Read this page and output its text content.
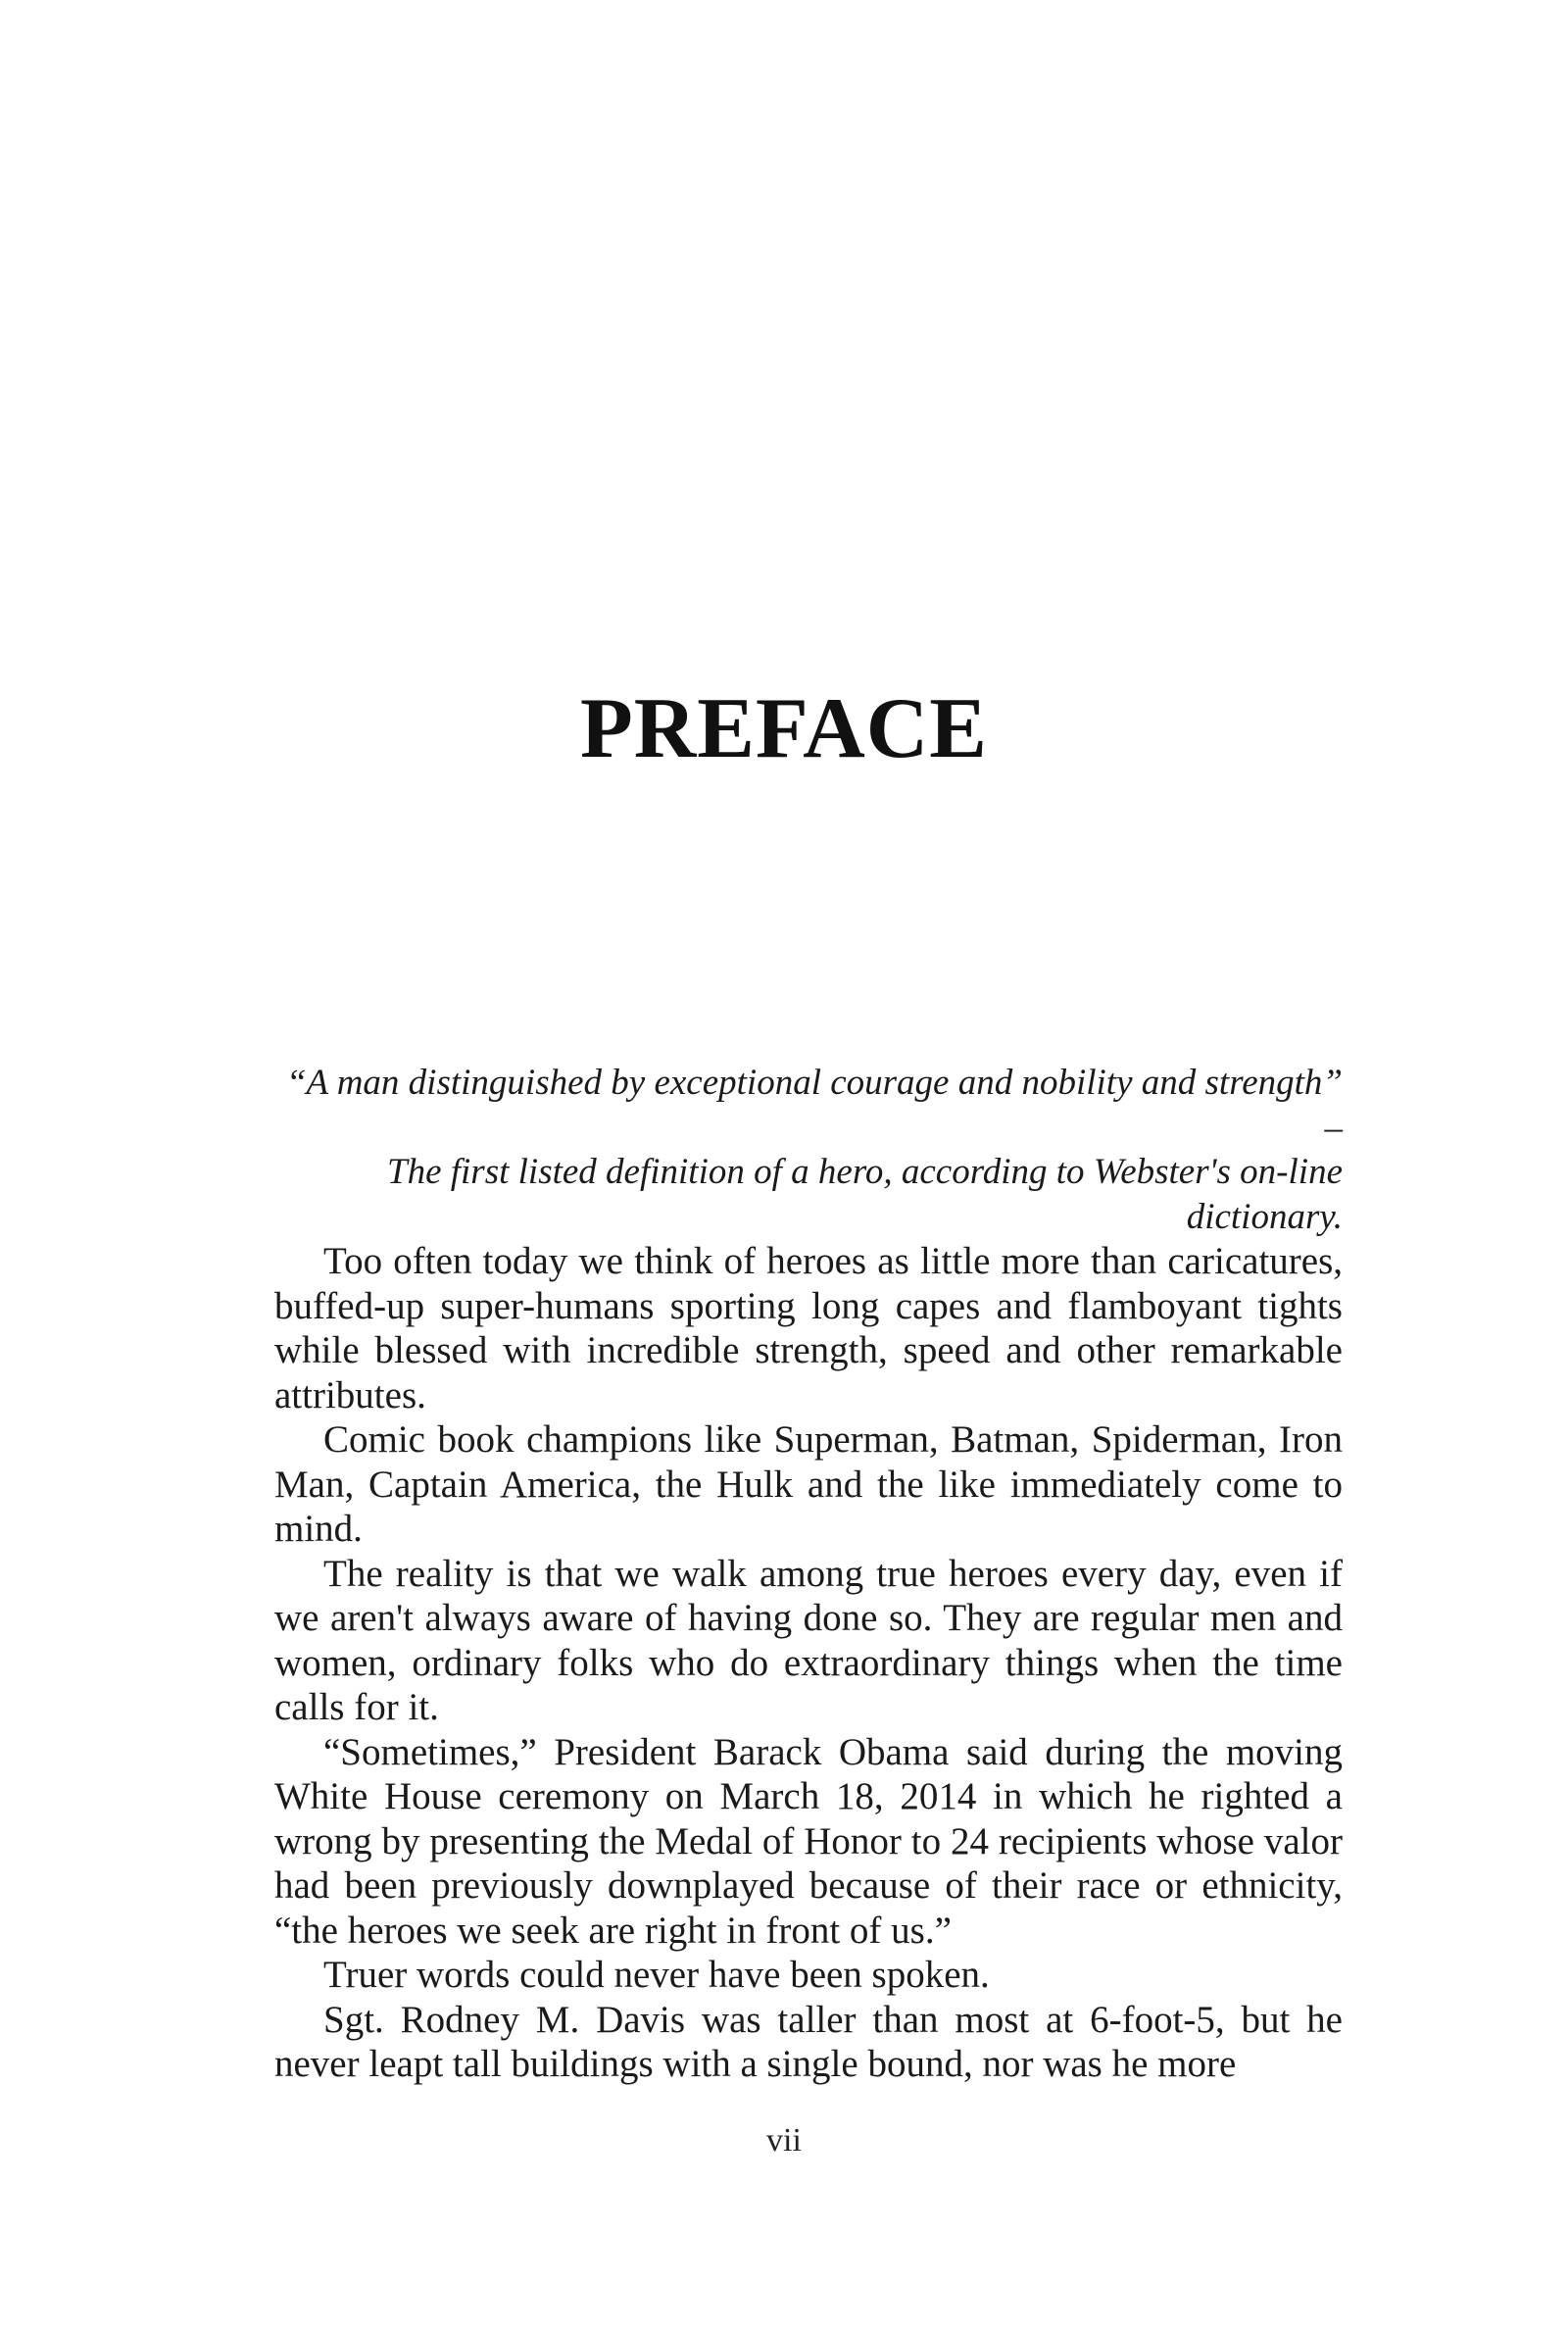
PREFACE

“A man distinguished by exceptional courage and nobility and strength” –
The first listed definition of a hero, according to Webster's on-line dictionary.

Too often today we think of heroes as little more than caricatures, buffed-up super-humans sporting long capes and flamboyant tights while blessed with incredible strength, speed and other remarkable attributes.

Comic book champions like Superman, Batman, Spiderman, Iron Man, Captain America, the Hulk and the like immediately come to mind.

The reality is that we walk among true heroes every day, even if we aren't always aware of having done so. They are regular men and women, ordinary folks who do extraordinary things when the time calls for it.

“Sometimes,” President Barack Obama said during the moving White House ceremony on March 18, 2014 in which he righted a wrong by presenting the Medal of Honor to 24 recipients whose valor had been previously downplayed because of their race or ethnicity, “the heroes we seek are right in front of us.”

Truer words could never have been spoken.

Sgt. Rodney M. Davis was taller than most at 6-foot-5, but he never leapt tall buildings with a single bound, nor was he more

vii
